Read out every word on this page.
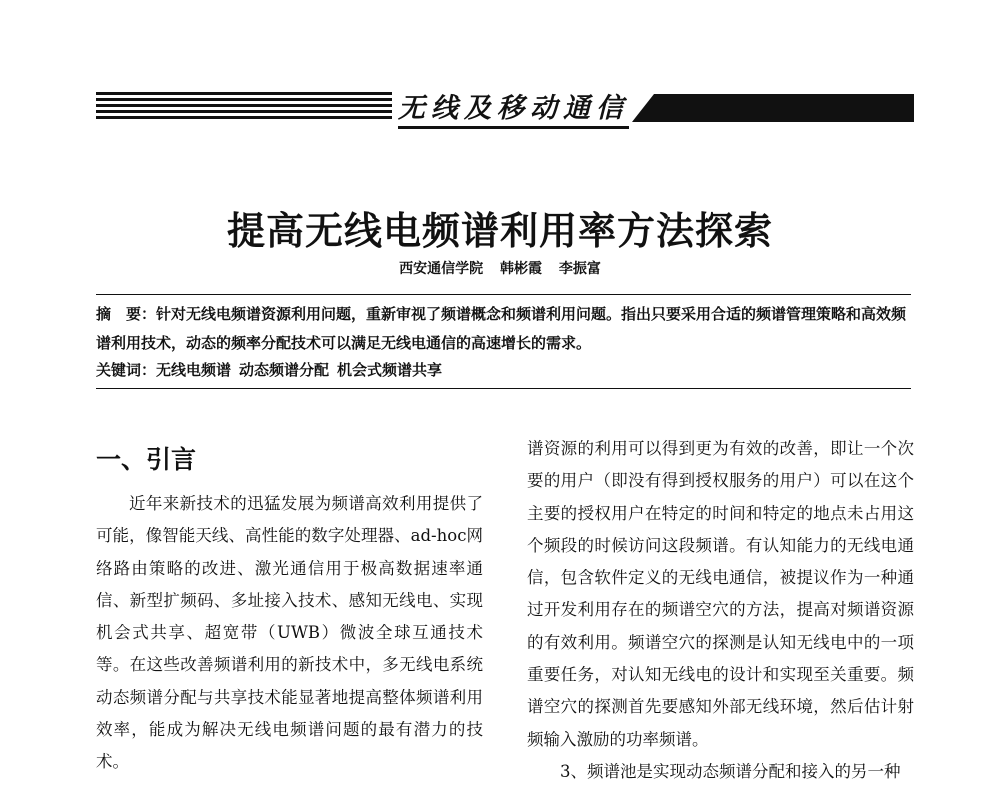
无线及移动通信
提高无线电频谱利用率方法探索
西安通信学院 韩彬霞 李振富
摘　要：针对无线电频谱资源利用问题，重新审视了频谱概念和频谱利用问题。指出只要采用合适的频谱管理策略和高效频谱利用技术，动态的频率分配技术可以满足无线电通信的高速增长的需求。
关键词：无线电频谱 动态频谱分配 机会式频谱共享
一、引言
近年来新技术的迅猛发展为频谱高效利用提供了可能，像智能天线、高性能的数字处理器、ad-hoc网络路由策略的改进、激光通信用于极高数据速率通信、新型扩频码、多址接入技术、感知无线电、实现机会式共享、超宽带（UWB）微波全球互通技术等。在这些改善频谱利用的新技术中，多无线电系统动态频谱分配与共享技术能显著地提高整体频谱利用效率，能成为解决无线电频谱问题的最有潜力的技术。
谱资源的利用可以得到更为有效的改善，即让一个次要的用户（即没有得到授权服务的用户）可以在这个主要的授权用户在特定的时间和特定的地点未占用这个频段的时候访问这段频谱。有认知能力的无线电通信，包含软件定义的无线电通信，被提议作为一种通过开发利用存在的频谱空穴的方法，提高对频谱资源的有效利用。频谱空穴的探测是认知无线电中的一项重要任务，对认知无线电的设计和实现至关重要。频谱空穴的探测首先要感知外部无线环境，然后估计射频输入激励的功率频谱。
3、频谱池是实现动态频谱分配和接入的另一种
